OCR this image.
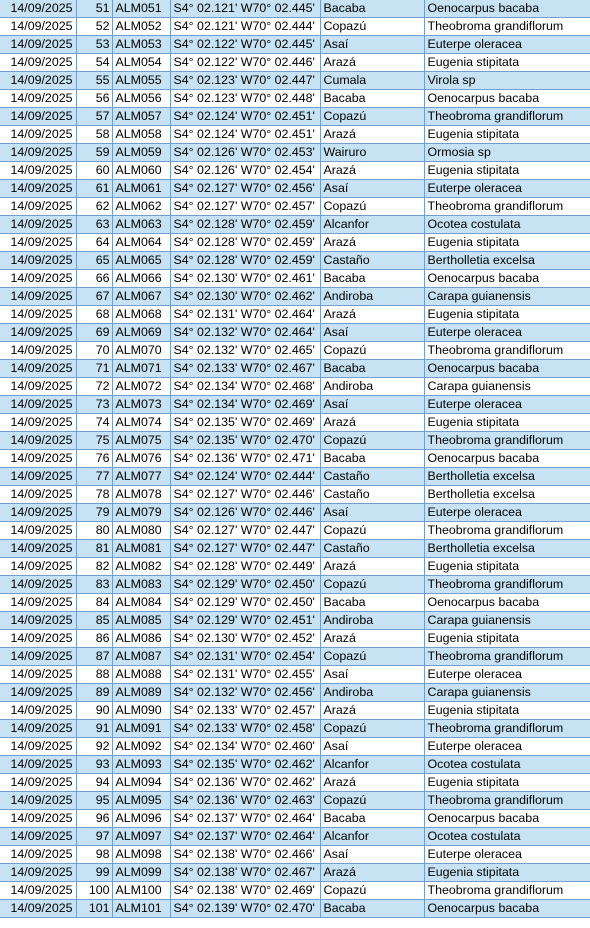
14/09/2025	51	ALM051	S4° 02.121' W70° 02.445'	Bacaba	Oenocarpus bacaba
14/09/2025	52	ALM052	S4° 02.121' W70° 02.444'	Copazú	Theobroma grandiflorum
14/09/2025	53	ALM053	S4° 02.122' W70° 02.445'	Asaí	Euterpe oleracea
14/09/2025	54	ALM054	S4° 02.122' W70° 02.446'	Arazá	Eugenia stipitata
14/09/2025	55	ALM055	S4° 02.123' W70° 02.447'	Cumala	Virola sp
14/09/2025	56	ALM056	S4° 02.123' W70° 02.448'	Bacaba	Oenocarpus bacaba
14/09/2025	57	ALM057	S4° 02.124' W70° 02.451'	Copazú	Theobroma grandiflorum
14/09/2025	58	ALM058	S4° 02.124' W70° 02.451'	Arazá	Eugenia stipitata
14/09/2025	59	ALM059	S4° 02.126' W70° 02.453'	Wairuro	Ormosia sp
14/09/2025	60	ALM060	S4° 02.126' W70° 02.454'	Arazá	Eugenia stipitata
14/09/2025	61	ALM061	S4° 02.127' W70° 02.456'	Asaí	Euterpe oleracea
14/09/2025	62	ALM062	S4° 02.127' W70° 02.457'	Copazú	Theobroma grandiflorum
14/09/2025	63	ALM063	S4° 02.128' W70° 02.459'	Alcanfor	Ocotea costulata
14/09/2025	64	ALM064	S4° 02.128' W70° 02.459'	Arazá	Eugenia stipitata
14/09/2025	65	ALM065	S4° 02.128' W70° 02.459'	Castaño	Bertholletia excelsa
14/09/2025	66	ALM066	S4° 02.130' W70° 02.461'	Bacaba	Oenocarpus bacaba
14/09/2025	67	ALM067	S4° 02.130' W70° 02.462'	Andiroba	Carapa guianensis
14/09/2025	68	ALM068	S4° 02.131' W70° 02.464'	Arazá	Eugenia stipitata
14/09/2025	69	ALM069	S4° 02.132' W70° 02.464'	Asaí	Euterpe oleracea
14/09/2025	70	ALM070	S4° 02.132' W70° 02.465'	Copazú	Theobroma grandiflorum
14/09/2025	71	ALM071	S4° 02.133' W70° 02.467'	Bacaba	Oenocarpus bacaba
14/09/2025	72	ALM072	S4° 02.134' W70° 02.468'	Andiroba	Carapa guianensis
14/09/2025	73	ALM073	S4° 02.134' W70° 02.469'	Asaí	Euterpe oleracea
14/09/2025	74	ALM074	S4° 02.135' W70° 02.469'	Arazá	Eugenia stipitata
14/09/2025	75	ALM075	S4° 02.135' W70° 02.470'	Copazú	Theobroma grandiflorum
14/09/2025	76	ALM076	S4° 02.136' W70° 02.471'	Bacaba	Oenocarpus bacaba
14/09/2025	77	ALM077	S4° 02.124' W70° 02.444'	Castaño	Bertholletia excelsa
14/09/2025	78	ALM078	S4° 02.127' W70° 02.446'	Castaño	Bertholletia excelsa
14/09/2025	79	ALM079	S4° 02.126' W70° 02.446'	Asaí	Euterpe oleracea
14/09/2025	80	ALM080	S4° 02.127' W70° 02.447'	Copazú	Theobroma grandiflorum
14/09/2025	81	ALM081	S4° 02.127' W70° 02.447'	Castaño	Bertholletia excelsa
14/09/2025	82	ALM082	S4° 02.128' W70° 02.449'	Arazá	Eugenia stipitata
14/09/2025	83	ALM083	S4° 02.129' W70° 02.450'	Copazú	Theobroma grandiflorum
14/09/2025	84	ALM084	S4° 02.129' W70° 02.450'	Bacaba	Oenocarpus bacaba
14/09/2025	85	ALM085	S4° 02.129' W70° 02.451'	Andiroba	Carapa guianensis
14/09/2025	86	ALM086	S4° 02.130' W70° 02.452'	Arazá	Eugenia stipitata
14/09/2025	87	ALM087	S4° 02.131' W70° 02.454'	Copazú	Theobroma grandiflorum
14/09/2025	88	ALM088	S4° 02.131' W70° 02.455'	Asaí	Euterpe oleracea
14/09/2025	89	ALM089	S4° 02.132' W70° 02.456'	Andiroba	Carapa guianensis
14/09/2025	90	ALM090	S4° 02.133' W70° 02.457'	Arazá	Eugenia stipitata
14/09/2025	91	ALM091	S4° 02.133' W70° 02.458'	Copazú	Theobroma grandiflorum
14/09/2025	92	ALM092	S4° 02.134' W70° 02.460'	Asaí	Euterpe oleracea
14/09/2025	93	ALM093	S4° 02.135' W70° 02.462'	Alcanfor	Ocotea costulata
14/09/2025	94	ALM094	S4° 02.136' W70° 02.462'	Arazá	Eugenia stipitata
14/09/2025	95	ALM095	S4° 02.136' W70° 02.463'	Copazú	Theobroma grandiflorum
14/09/2025	96	ALM096	S4° 02.137' W70° 02.464'	Bacaba	Oenocarpus bacaba
14/09/2025	97	ALM097	S4° 02.137' W70° 02.464'	Alcanfor	Ocotea costulata
14/09/2025	98	ALM098	S4° 02.138' W70° 02.466'	Asaí	Euterpe oleracea
14/09/2025	99	ALM099	S4° 02.138' W70° 02.467'	Arazá	Eugenia stipitata
14/09/2025	100	ALM100	S4° 02.138' W70° 02.469'	Copazú	Theobroma grandiflorum
14/09/2025	101	ALM101	S4° 02.139' W70° 02.470'	Bacaba	Oenocarpus bacaba
